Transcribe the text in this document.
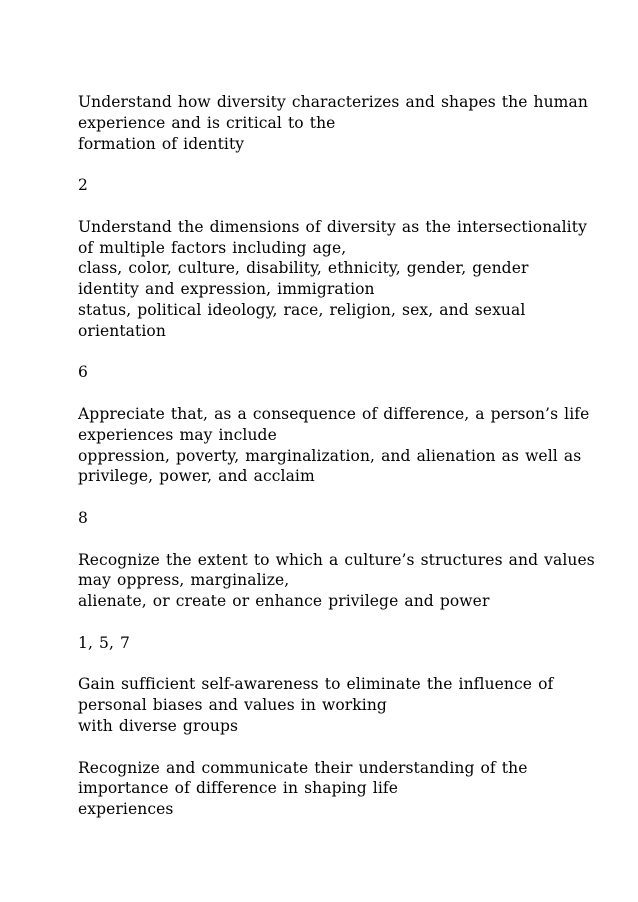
Understand how diversity characterizes and shapes the human
experience and is critical to the
formation of identity
2
Understand the dimensions of diversity as the intersectionality
of multiple factors including age,
class, color, culture, disability, ethnicity, gender, gender
identity and expression, immigration
status, political ideology, race, religion, sex, and sexual
orientation
6
Appreciate that, as a consequence of difference, a person’s life
experiences may include
oppression, poverty, marginalization, and alienation as well as
privilege, power, and acclaim
8
Recognize the extent to which a culture’s structures and values
may oppress, marginalize,
alienate, or create or enhance privilege and power
1, 5, 7
Gain sufficient self-awareness to eliminate the influence of
personal biases and values in working
with diverse groups
Recognize and communicate their understanding of the
importance of difference in shaping life
experiences
